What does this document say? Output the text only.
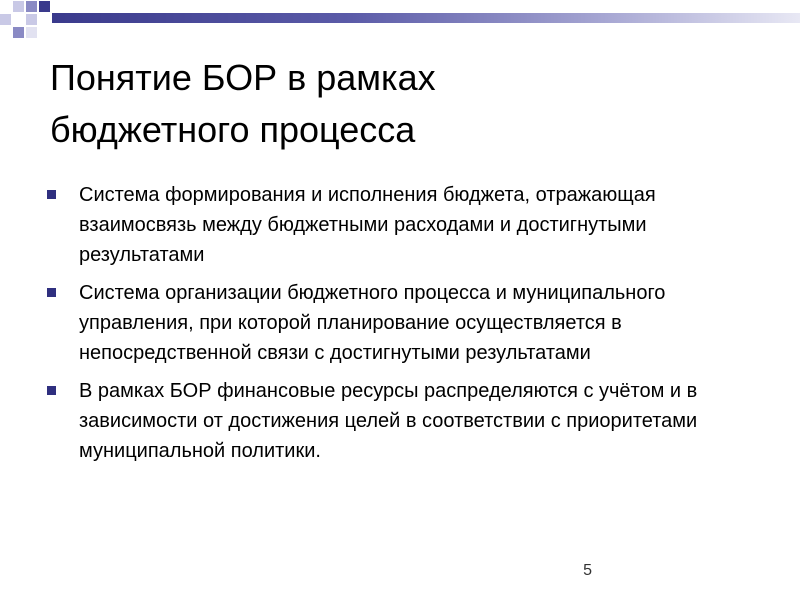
Понятие БОР в рамках
бюджетного процесса
Система формирования и исполнения бюджета, отражающая взаимосвязь между бюджетными расходами и достигнутыми результатами
Система организации бюджетного процесса и муниципального управления, при которой планирование осуществляется в непосредственной связи с достигнутыми результатами
В рамках БОР финансовые ресурсы распределяются с учётом и в зависимости от достижения целей в соответствии с приоритетами муниципальной политики.
5
